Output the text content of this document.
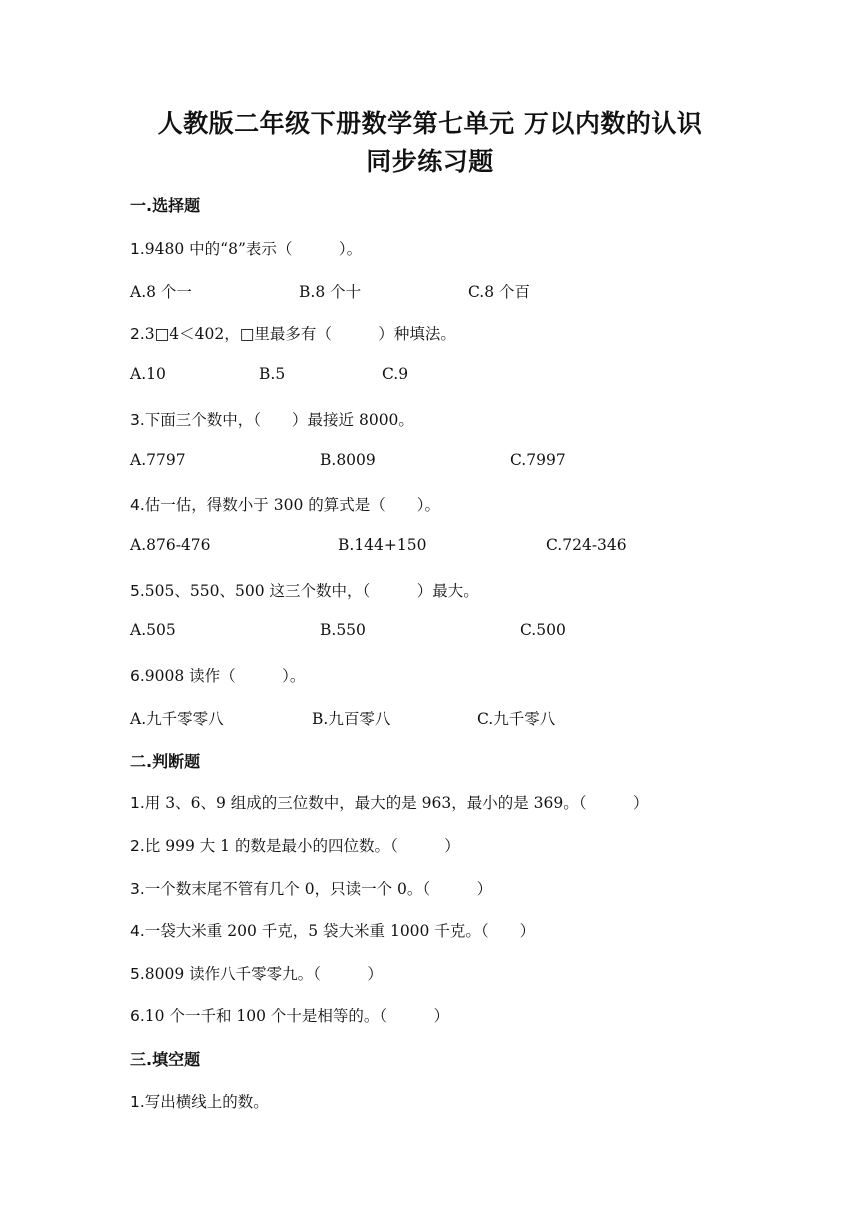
人教版二年级下册数学第七单元 万以内数的认识
同步练习题
一.选择题
1.9480 中的“8”表示（　　　）。
A.8 个一	B.8 个十	C.8 个百
2.3□4＜402，□里最多有（　　　）种填法。
A.10	B.5	C.9
3.下面三个数中，（　　）最接近 8000。
A.7797	B.8009	C.7997
4.估一估，得数小于 300 的算式是（　　）。
A.876-476	B.144+150	C.724-346
5.505、550、500 这三个数中，（　　　）最大。
A.505	B.550	C.500
6.9008 读作（　　　）。
A.九千零零八	B.九百零八	C.九千零八
二.判断题
1.用 3、6、9 组成的三位数中，最大的是 963，最小的是 369。（　　　）
2.比 999 大 1 的数是最小的四位数。（　　　）
3.一个数末尾不管有几个 0，只读一个 0。（　　　）
4.一袋大米重 200 千克，5 袋大米重 1000 千克。（　　）
5.8009 读作八千零零九。（　　　）
6.10 个一千和 100 个十是相等的。（　　　）
三.填空题
1.写出横线上的数。
